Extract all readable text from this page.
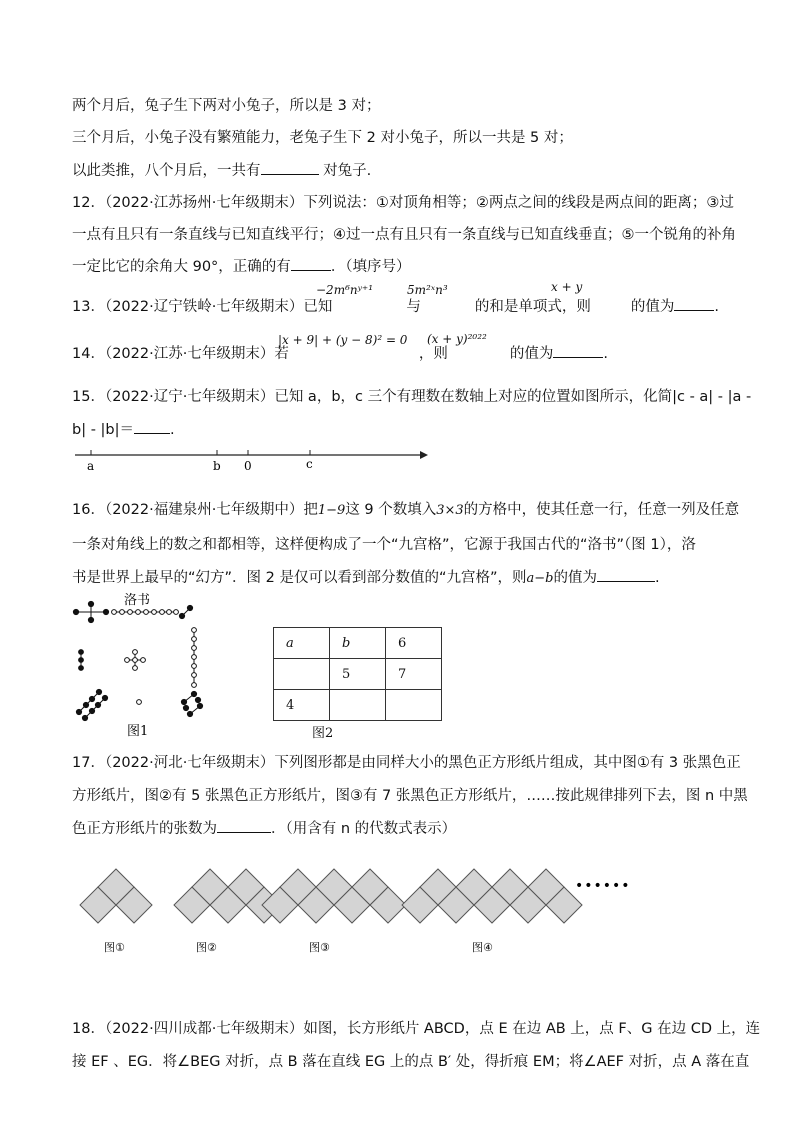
两个月后，兔子生下两对小兔子，所以是 3 对；
三个月后，小兔子没有繁殖能力，老兔子生下 2 对小兔子，所以一共是 5 对；
以此类推，八个月后，一共有	对兔子.
12．（2022·江苏扬州·七年级期末）下列说法：①对顶角相等；②两点之间的线段是两点间的距离；③过
一点有且只有一条直线与已知直线平行；④过一点有且只有一条直线与已知直线垂直；⑤一个锐角的补角
一定比它的余角大 90°，正确的有	．（填序号）
13．（2022·辽宁铁岭·七年级期末）已知	与	的和是单项式，则	的值为	.
−2m⁶nʸ⁺¹	5m²ˣn³	x + y
14．（2022·江苏·七年级期末）若	，则	的值为	.
|x + 9| + (y − 8)² = 0 (x + y)²⁰²²
15．（2022·辽宁·七年级期末）已知 a，b，c 三个有理数在数轴上对应的位置如图所示，化简|c - a| - |a -
b| - |b|＝ .
a	b 0	c
16．（2022·福建泉州·七年级期中）把1−9这 9 个数填入3×3的方格中，使其任意一行，任意一列及任意
一条对角线上的数之和都相等，这样便构成了一个“九宫格”，它源于我国古代的“洛书”（图 1），洛
书是世界上最早的“幻方”．图 2 是仅可以看到部分数值的“九宫格”，则a−b的值为	.
洛书
图1
a	b	6
	5	7
4		
图2
17．（2022·河北·七年级期末）下列图形都是由同样大小的黑色正方形纸片组成，其中图①有 3 张黑色正
方形纸片，图②有 5 张黑色正方形纸片，图③有 7 张黑色正方形纸片，……按此规律排列下去，图 n 中黑
色正方形纸片的张数为	．（用含有 n 的代数式表示）
图①	图②	图③	图④
••••••
18．（2022·四川成都·七年级期末）如图，长方形纸片 ABCD，点 E 在边 AB 上，点 F、G 在边 CD 上，连
接 EF 、EG．将∠BEG 对折，点 B 落在直线 EG 上的点 B′ 处，得折痕 EM；将∠AEF 对折，点 A 落在直
